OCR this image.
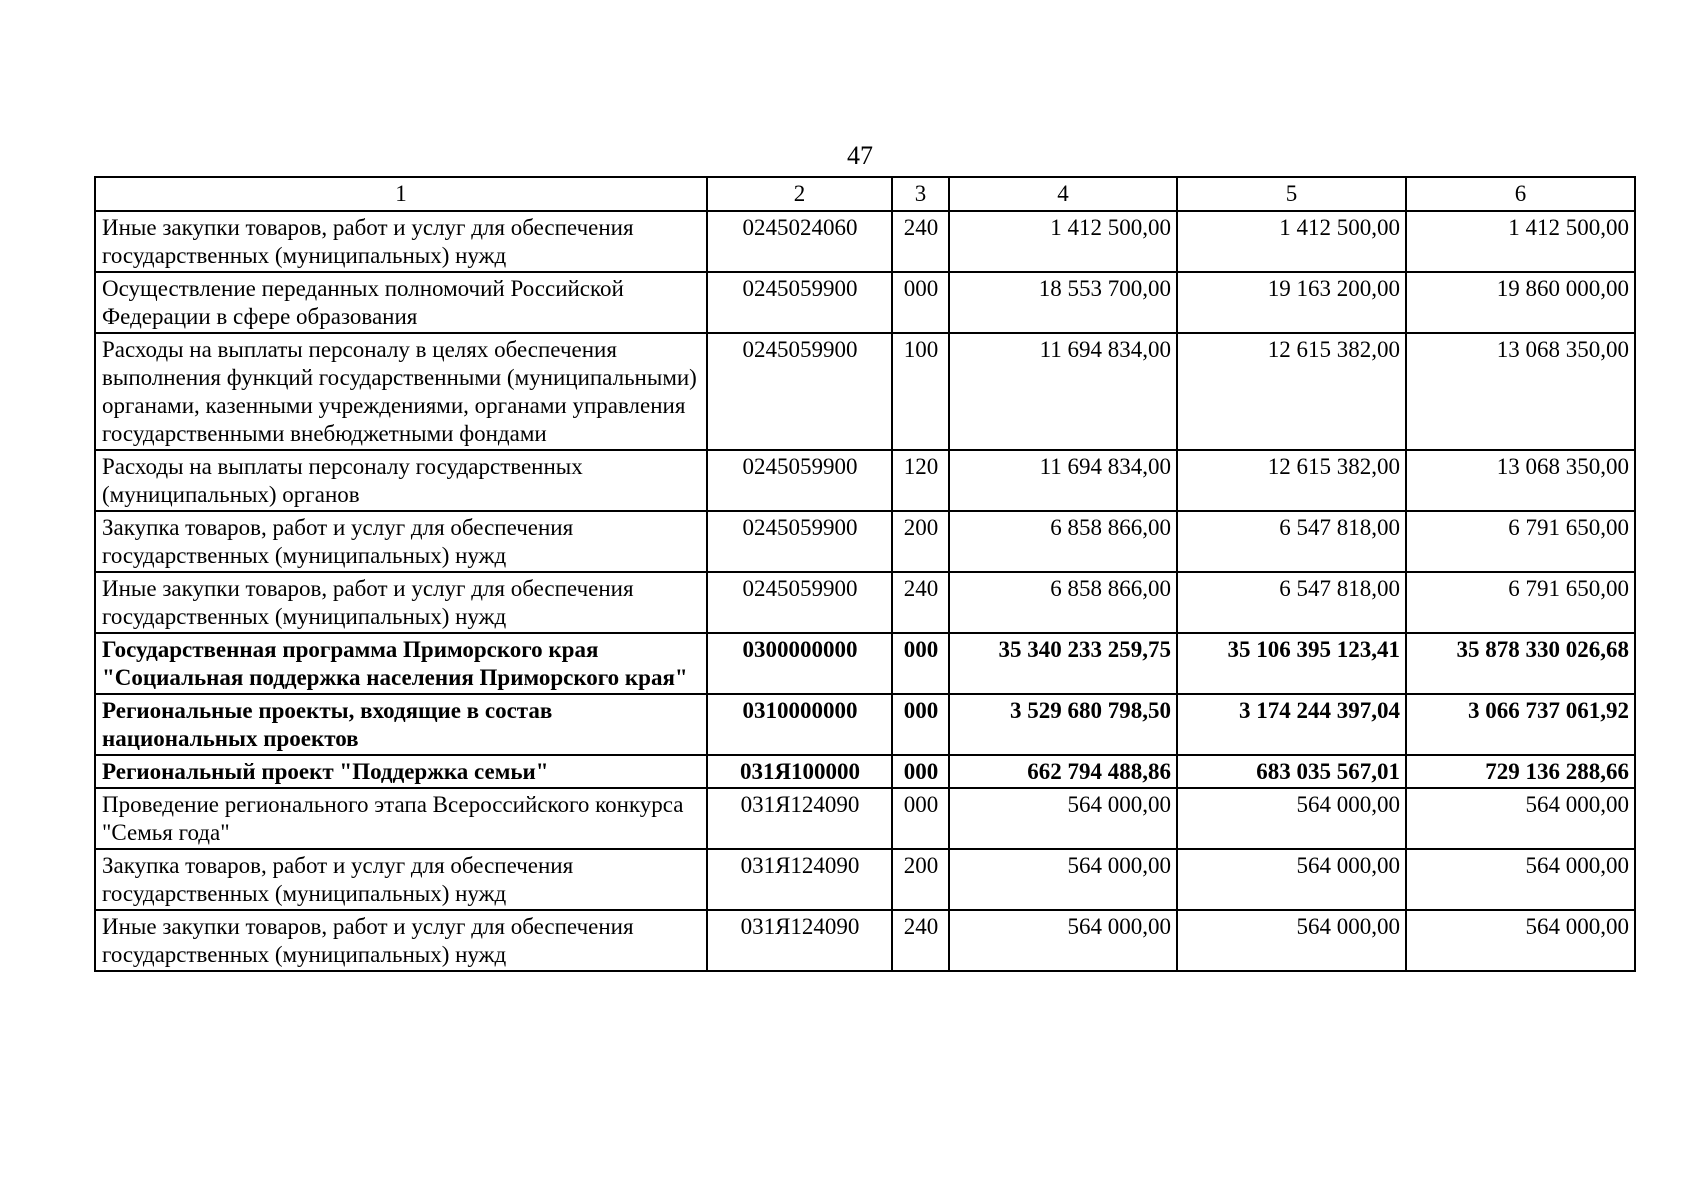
47
1	2	3	4	5	6
Иные закупки товаров, работ и услуг для обеспечения государственных (муниципальных) нужд	0245024060	240	1 412 500,00	1 412 500,00	1 412 500,00
Осуществление переданных полномочий Российской Федерации в сфере образования	0245059900	000	18 553 700,00	19 163 200,00	19 860 000,00
Расходы на выплаты персоналу в целях обеспечения выполнения функций государственными (муниципальными) органами, казенными учреждениями, органами управления государственными внебюджетными фондами	0245059900	100	11 694 834,00	12 615 382,00	13 068 350,00
Расходы на выплаты персоналу государственных (муниципальных) органов	0245059900	120	11 694 834,00	12 615 382,00	13 068 350,00
Закупка товаров, работ и услуг для обеспечения государственных (муниципальных) нужд	0245059900	200	6 858 866,00	6 547 818,00	6 791 650,00
Иные закупки товаров, работ и услуг для обеспечения государственных (муниципальных) нужд	0245059900	240	6 858 866,00	6 547 818,00	6 791 650,00
Государственная программа Приморского края "Социальная поддержка населения Приморского края"	0300000000	000	35 340 233 259,75	35 106 395 123,41	35 878 330 026,68
Региональные проекты, входящие в состав национальных проектов	0310000000	000	3 529 680 798,50	3 174 244 397,04	3 066 737 061,92
Региональный проект "Поддержка семьи"	031Я100000	000	662 794 488,86	683 035 567,01	729 136 288,66
Проведение регионального этапа Всероссийского конкурса "Семья года"	031Я124090	000	564 000,00	564 000,00	564 000,00
Закупка товаров, работ и услуг для обеспечения государственных (муниципальных) нужд	031Я124090	200	564 000,00	564 000,00	564 000,00
Иные закупки товаров, работ и услуг для обеспечения государственных (муниципальных) нужд	031Я124090	240	564 000,00	564 000,00	564 000,00
